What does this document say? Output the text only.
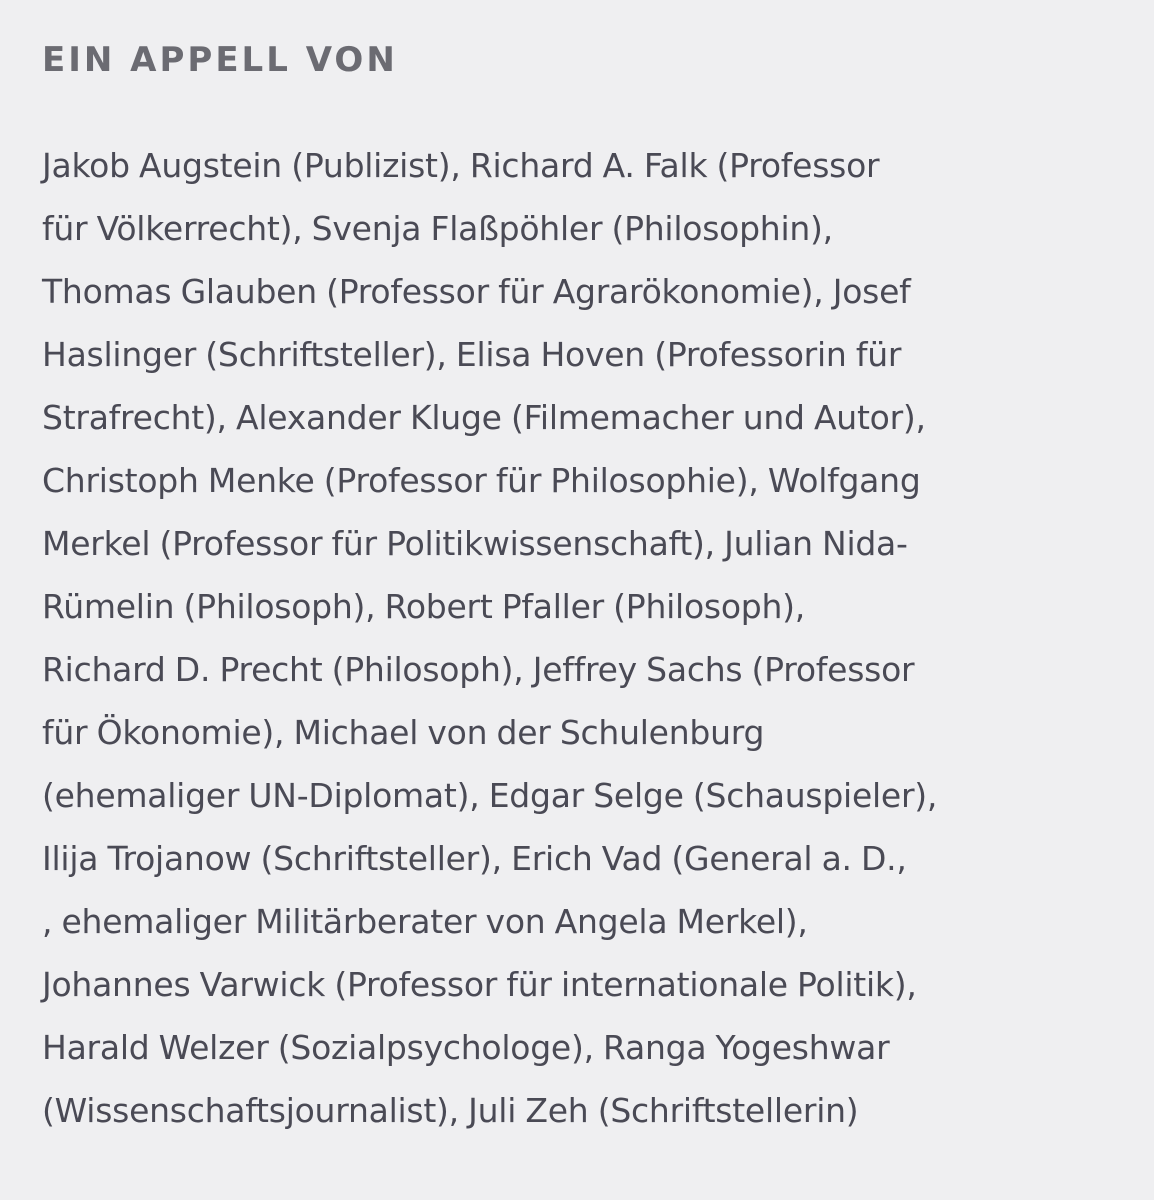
EIN APPELL VON
Jakob Augstein (Publizist), Richard A. Falk (Professor
für Völkerrecht), Svenja Flaßpöhler (Philosophin),
Thomas Glauben (Professor für Agrarökonomie), Josef
Haslinger (Schriftsteller), Elisa Hoven (Professorin für
Strafrecht), Alexander Kluge (Filmemacher und Autor),
Christoph Menke (Professor für Philosophie), Wolfgang
Merkel (Professor für Politikwissenschaft), Julian Nida-
Rümelin (Philosoph), Robert Pfaller (Philosoph),
Richard D. Precht (Philosoph), Jeffrey Sachs (Professor
für Ökonomie), Michael von der Schulenburg
(ehemaliger UN-Diplomat), Edgar Selge (Schauspieler),
Ilija Trojanow (Schriftsteller), Erich Vad (General a. D.,
, ehemaliger Militärberater von Angela Merkel),
Johannes Varwick (Professor für internationale Politik),
Harald Welzer (Sozialpsychologe), Ranga Yogeshwar
(Wissenschaftsjournalist), Juli Zeh (Schriftstellerin)
